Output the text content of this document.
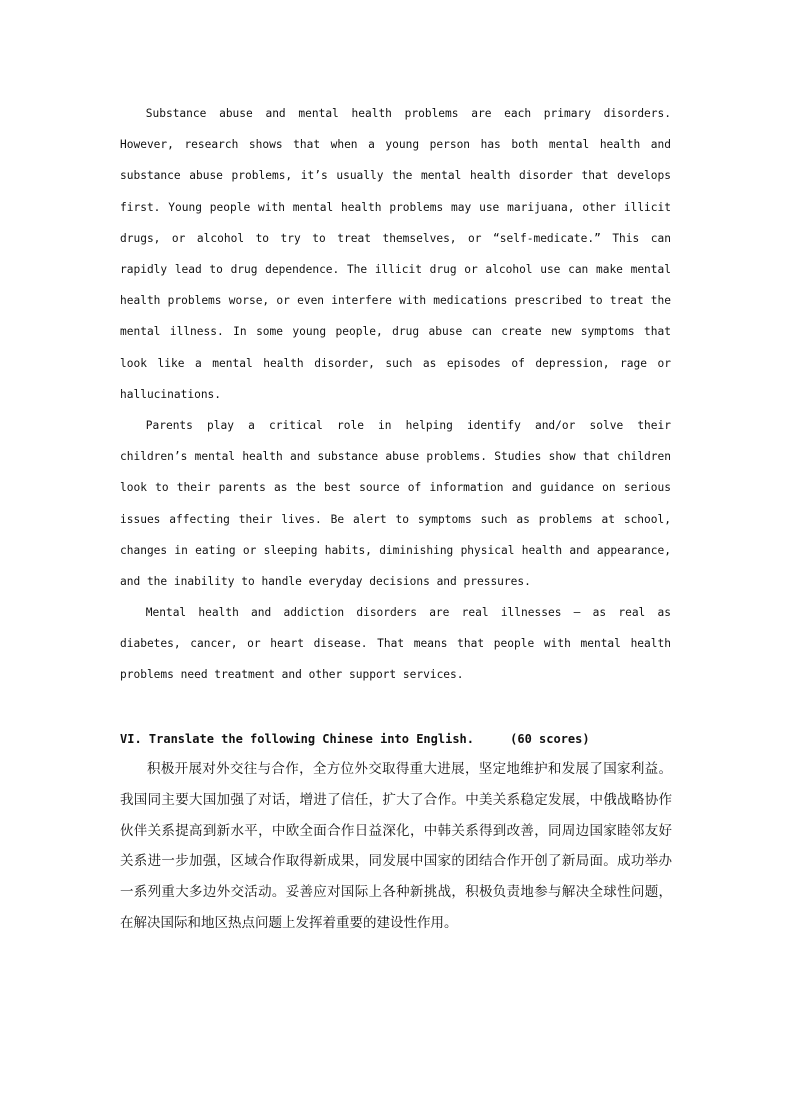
Substance abuse and mental health problems are each primary disorders. However, research shows that when a young person has both mental health and substance abuse problems, it’s usually the mental health disorder that develops first. Young people with mental health problems may use marijuana, other illicit drugs, or alcohol to try to treat themselves, or “self-medicate.” This can rapidly lead to drug dependence. The illicit drug or alcohol use can make mental health problems worse, or even interfere with medications prescribed to treat the mental illness. In some young people, drug abuse can create new symptoms that look like a mental health disorder, such as episodes of depression, rage or hallucinations.

Parents play a critical role in helping identify and/or solve their children’s mental health and substance abuse problems. Studies show that children look to their parents as the best source of information and guidance on serious issues affecting their lives. Be alert to symptoms such as problems at school, changes in eating or sleeping habits, diminishing physical health and appearance, and the inability to handle everyday decisions and pressures.

Mental health and addiction disorders are real illnesses – as real as diabetes, cancer, or heart disease. That means that people with mental health problems need treatment and other support services.

VI. Translate the following Chinese into English.     (60 scores)

积极开展对外交往与合作，全方位外交取得重大进展，坚定地维护和发展了国家利益。我国同主要大国加强了对话，增进了信任，扩大了合作。中美关系稳定发展，中俄战略协作伙伴关系提高到新水平，中欧全面合作日益深化，中韩关系得到改善，同周边国家睦邻友好关系进一步加强，区域合作取得新成果，同发展中国家的团结合作开创了新局面。成功举办一系列重大多边外交活动。妥善应对国际上各种新挑战，积极负责地参与解决全球性问题，在解决国际和地区热点问题上发挥着重要的建设性作用。
